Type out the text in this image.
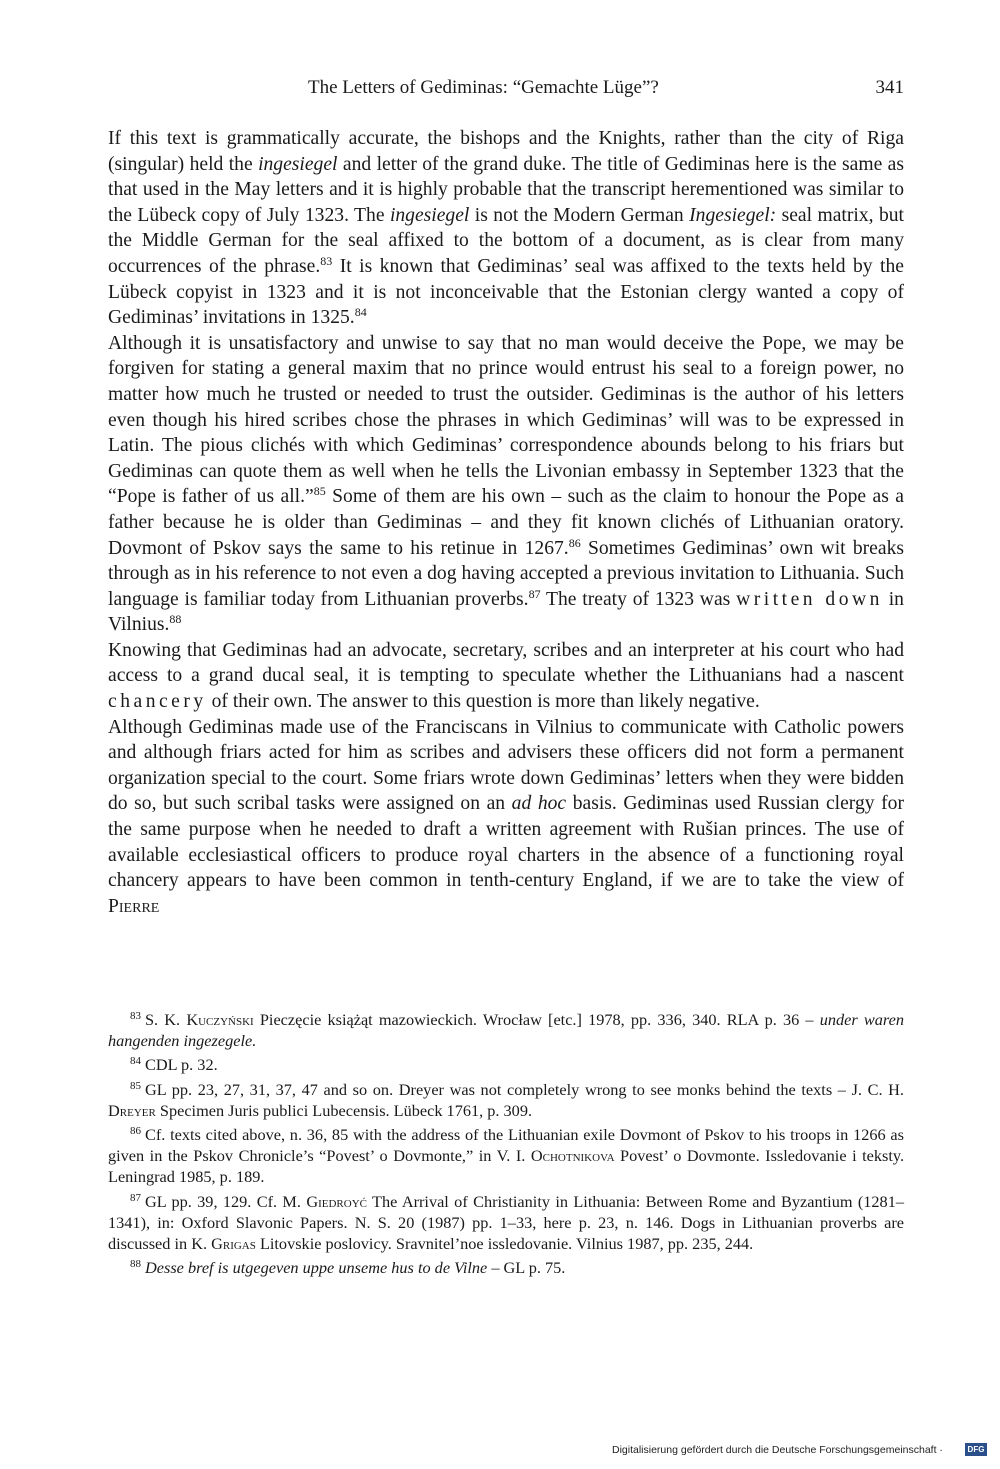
The Letters of Gediminas: “Gemachte Lüge”?	341

If this text is grammatically accurate, the bishops and the Knights, rather than the city of Riga (singular) held the ingesiegel and letter of the grand duke. The title of Gediminas here is the same as that used in the May letters and it is highly probable that the transcript herementioned was similar to the Lübeck copy of July 1323. The ingesiegel is not the Modern German Ingesiegel: seal matrix, but the Middle German for the seal affixed to the bottom of a document, as is clear from many occurrences of the phrase.$^{83}$ It is known that Gediminas’ seal was affixed to the texts held by the Lübeck copyist in 1323 and it is not inconceivable that the Estonian clergy wanted a copy of Gediminas’ invitations in 1325.84

Although it is unsatisfactory and unwise to say that no man would deceive the Pope, we may be forgiven for stating a general maxim that no prince would entrust his seal to a foreign power, no matter how much he trusted or needed to trust the outsider. Gediminas is the author of his letters even though his hired scribes chose the phrases in which Gediminas’ will was to be expressed in Latin. The pious clichés with which Gediminas’ correspondence abounds belong to his friars but Gediminas can quote them as well when he tells the Livonian embassy in September 1323 that the “Pope is father of us all.”$^{85}$ Some of them are his own – such as the claim to honour the Pope as a father because he is older than Gediminas – and they fit known clichés of Lithuanian oratory. Dovmont of Pskov says the same to his retinue in 1267.86 Sometimes Gediminas’ own wit breaks through as in his reference to not even a dog having accepted a previous invitation to Lithuania. Such language is familiar today from Lithuanian proverbs.$^{87}$ The treaty of 1323 was written down in Vilnius.$^{88}$

Knowing that Gediminas had an advocate, secretary, scribes and an interpreter at his court who had access to a grand ducal seal, it is tempting to speculate whether the Lithuanians had a nascent chancery of their own. The answer to this question is more than likely negative.

Although Gediminas made use of the Franciscans in Vilnius to communicate with Catholic powers and although friars acted for him as scribes and advisers these officers did not form a permanent organization special to the court. Some friars wrote down Gediminas’ letters when they were bidden do so, but such scribal tasks were assigned on an ad hoc basis. Gediminas used Russian clergy for the same purpose when he needed to draft a written agreement with Rušian princes. The use of available ecclesiastical officers to produce royal charters in the absence of a functioning royal chancery appears to have been common in tenth-century England, if we are to take the view of Pierre

$^{83}$ S. K. Kuczyński Pieczęcie książąt mazowieckich. Wrocław [etc.] 1978, pp. 336, 340. RLA p. 36 – under waren hangenden ingezegele.

$^{84}$ CDL p. 32.

$^{85}$ GL pp. 23, 27, 31, 37, 47 and so on. Dreyer was not completely wrong to see monks behind the texts – J. C. H. Dreyer Specimen Juris publici Lubecensis. Lübeck 1761, p. 309.

$^{86}$ Cf. texts cited above, n. 36, 85 with the address of the Lithuanian exile Dovmont of Pskov to his troops in 1266 as given in the Pskov Chronicle’s “Povest’ o Dovmonte,” in V. I. Ochotnikova Povest’ o Dovmonte. Issledovanie i teksty. Leningrad 1985, p. 189.

$^{87}$ GL pp. 39, 129. Cf. M. Giedroyć The Arrival of Christianity in Lithuania: Between Rome and Byzantium (1281–1341), in: Oxford Slavonic Papers. N. S. 20 (1987) pp. 1–33, here p. 23, n. 146. Dogs in Lithuanian proverbs are discussed in K. Grigas Litovskie poslovicy. Sravnitel’noe issledovanie. Vilnius 1987, pp. 235, 244.

$^{88}$ Desse bref is utgegeven uppe unseme hus to de Vilne – GL p. 75.

Digitalisierung gefördert durch die Deutsche Forschungsgemeinschaft ·	DFG
